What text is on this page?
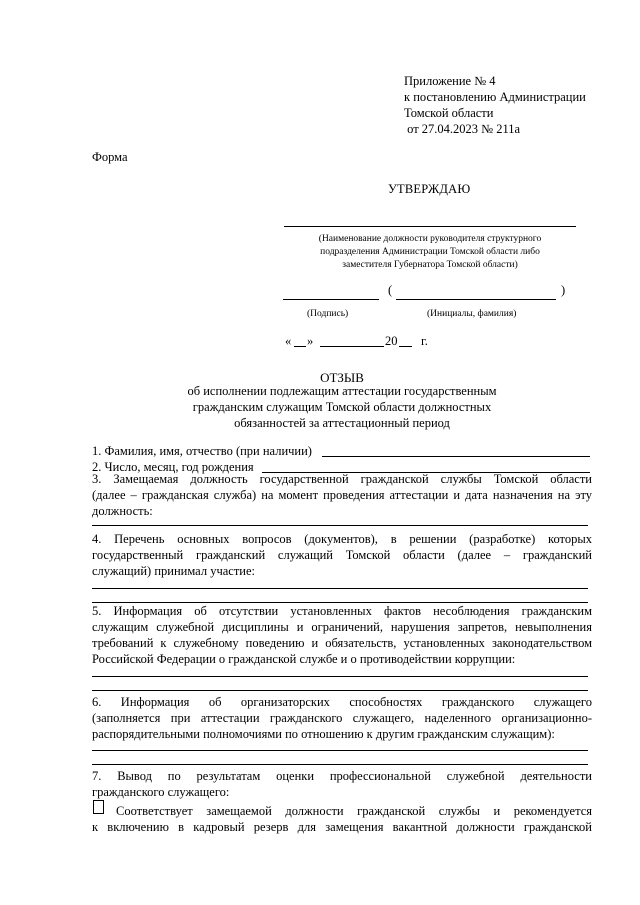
Приложение № 4
к постановлению Администрации
Томской области
от 27.04.2023 № 211а
Форма
УТВЕРЖДАЮ
(Наименование должности руководителя структурного
подразделения Администрации Томской области либо
заместителя Губернатора Томской области)
(	)
(Подпись)	(Инициалы, фамилия)
« »	20 г.
ОТЗЫВ
об исполнении подлежащим аттестации государственным
гражданским служащим Томской области должностных
обязанностей за аттестационный период
1. Фамилия, имя, отчество (при наличии)
2. Число, месяц, год рождения
3. Замещаемая должность государственной гражданской службы Томской области
(далее – гражданская служба) на момент проведения аттестации и дата назначения на эту
должность:
4. Перечень основных вопросов (документов), в решении (разработке) которых
государственный гражданский служащий Томской области (далее – гражданский
служащий) принимал участие:
5. Информация об отсутствии установленных фактов несоблюдения гражданским
служащим служебной дисциплины и ограничений, нарушения запретов, невыполнения
требований к служебному поведению и обязательств, установленных законодательством
Российской Федерации о гражданской службе и о противодействии коррупции:
6. Информация об организаторских способностях гражданского служащего
(заполняется при аттестации гражданского служащего, наделенного организационно-
распорядительными полномочиями по отношению к другим гражданским служащим):
7. Вывод по результатам оценки профессиональной служебной деятельности
гражданского служащего:
Соответствует замещаемой должности гражданской службы и рекомендуется
к включению в кадровый резерв для замещения вакантной должности гражданской
